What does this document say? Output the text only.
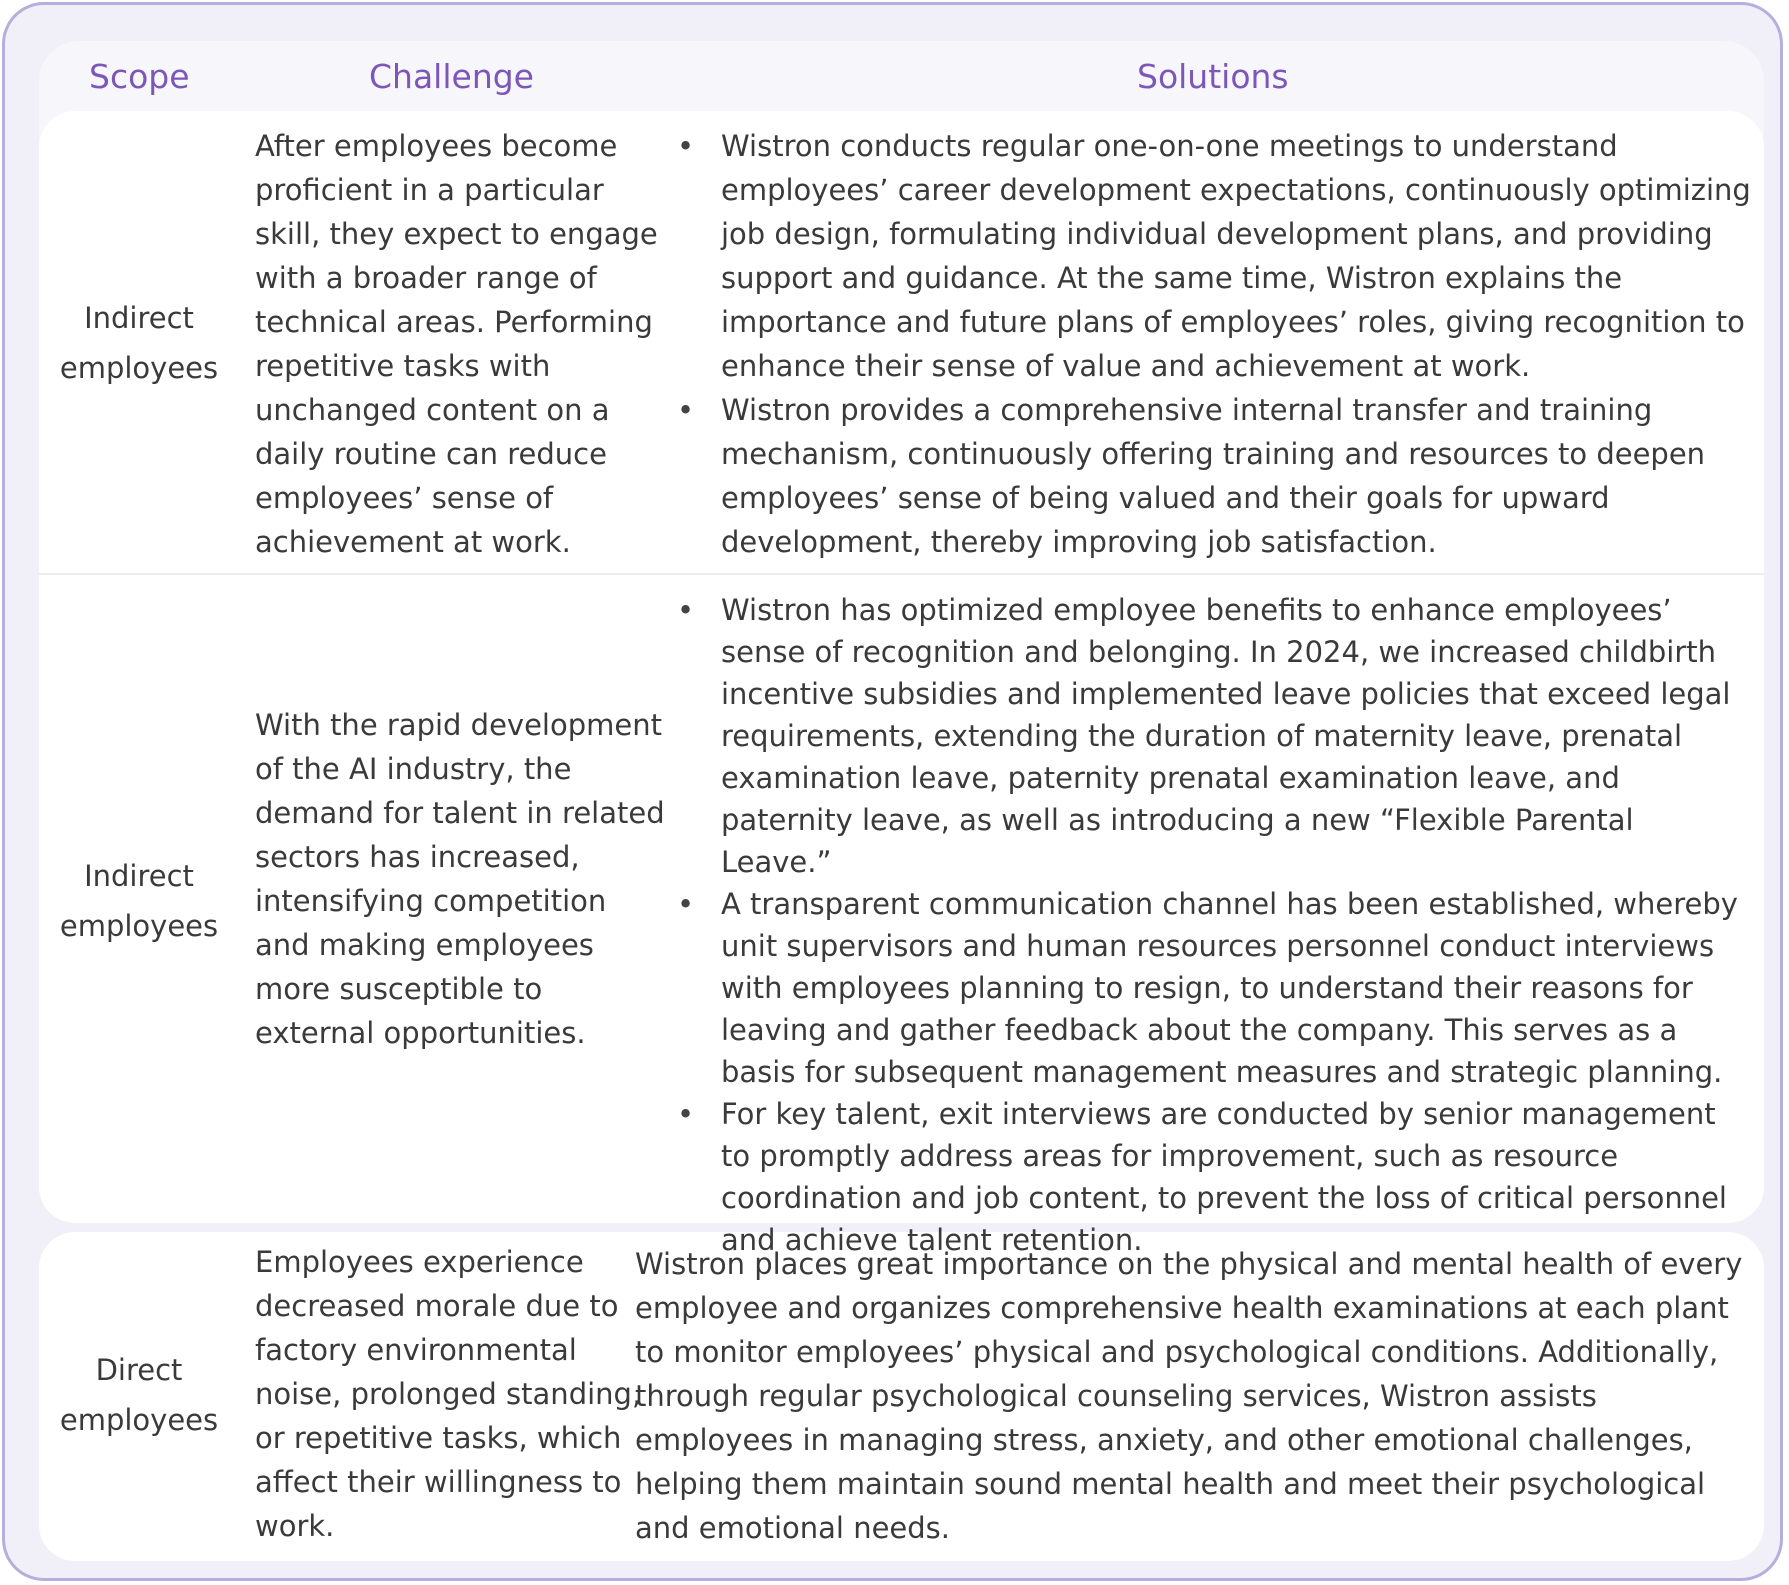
Scope	Challenge	Solutions
Indirect
employees
After employees become proficient in a particular skill, they expect to engage with a broader range of technical areas. Performing repetitive tasks with unchanged content on a daily routine can reduce employees’ sense of achievement at work.
• Wistron conducts regular one-on-one meetings to understand employees’ career development expectations, continuously optimizing job design, formulating individual development plans, and providing support and guidance. At the same time, Wistron explains the importance and future plans of employees’ roles, giving recognition to enhance their sense of value and achievement at work.
• Wistron provides a comprehensive internal transfer and training mechanism, continuously offering training and resources to deepen employees’ sense of being valued and their goals for upward development, thereby improving job satisfaction.
Indirect
employees
With the rapid development of the AI industry, the demand for talent in related sectors has increased, intensifying competition and making employees more susceptible to external opportunities.
• Wistron has optimized employee benefits to enhance employees’ sense of recognition and belonging. In 2024, we increased childbirth incentive subsidies and implemented leave policies that exceed legal requirements, extending the duration of maternity leave, prenatal examination leave, paternity prenatal examination leave, and paternity leave, as well as introducing a new “Flexible Parental Leave.”
• A transparent communication channel has been established, whereby unit supervisors and human resources personnel conduct interviews with employees planning to resign, to understand their reasons for leaving and gather feedback about the company. This serves as a basis for subsequent management measures and strategic planning.
• For key talent, exit interviews are conducted by senior management to promptly address areas for improvement, such as resource coordination and job content, to prevent the loss of critical personnel and achieve talent retention.
Direct
employees
Employees experience decreased morale due to factory environmental noise, prolonged standing, or repetitive tasks, which affect their willingness to work.
Wistron places great importance on the physical and mental health of every employee and organizes comprehensive health examinations at each plant to monitor employees’ physical and psychological conditions. Additionally, through regular psychological counseling services, Wistron assists employees in managing stress, anxiety, and other emotional challenges, helping them maintain sound mental health and meet their psychological and emotional needs.
